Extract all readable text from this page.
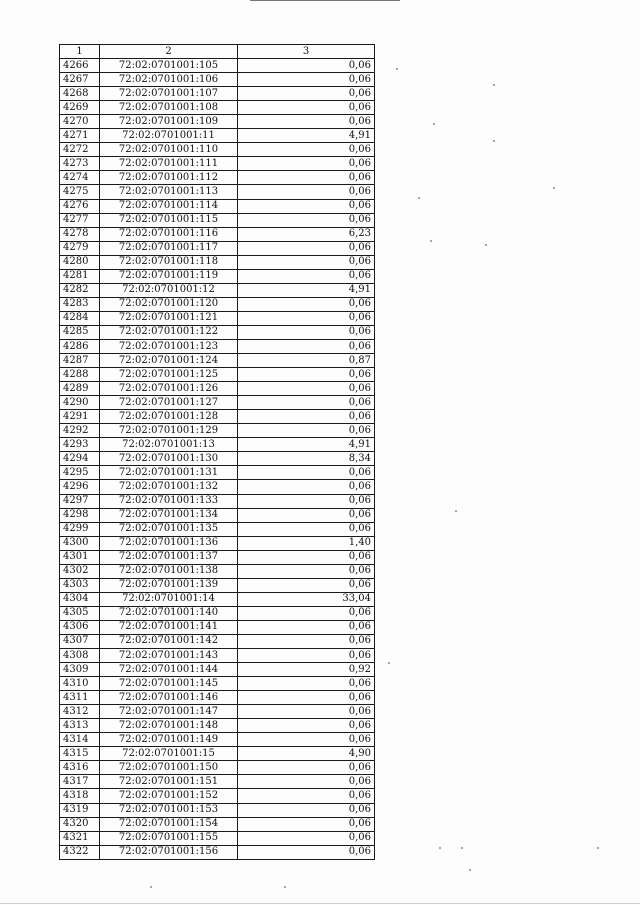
1	2	3
4266	72:02:0701001:105	0,06
4267	72:02:0701001:106	0,06
4268	72:02:0701001:107	0,06
4269	72:02:0701001:108	0,06
4270	72:02:0701001:109	0,06
4271	72:02:0701001:11	4,91
4272	72:02:0701001:110	0,06
4273	72:02:0701001:111	0,06
4274	72:02:0701001:112	0,06
4275	72:02:0701001:113	0,06
4276	72:02:0701001:114	0,06
4277	72:02:0701001:115	0,06
4278	72:02:0701001:116	6,23
4279	72:02:0701001:117	0,06
4280	72:02:0701001:118	0,06
4281	72:02:0701001:119	0,06
4282	72:02:0701001:12	4,91
4283	72:02:0701001:120	0,06
4284	72:02:0701001:121	0,06
4285	72:02:0701001:122	0,06
4286	72:02:0701001:123	0,06
4287	72:02:0701001:124	0,87
4288	72:02:0701001:125	0,06
4289	72:02:0701001:126	0,06
4290	72:02:0701001:127	0,06
4291	72:02:0701001:128	0,06
4292	72:02:0701001:129	0,06
4293	72:02:0701001:13	4,91
4294	72:02:0701001:130	8,34
4295	72:02:0701001:131	0,06
4296	72:02:0701001:132	0,06
4297	72:02:0701001:133	0,06
4298	72:02:0701001:134	0,06
4299	72:02:0701001:135	0,06
4300	72:02:0701001:136	1,40
4301	72:02:0701001:137	0,06
4302	72:02:0701001:138	0,06
4303	72:02:0701001:139	0,06
4304	72:02:0701001:14	33,04
4305	72:02:0701001:140	0,06
4306	72:02:0701001:141	0,06
4307	72:02:0701001:142	0,06
4308	72:02:0701001:143	0,06
4309	72:02:0701001:144	0,92
4310	72:02:0701001:145	0,06
4311	72:02:0701001:146	0,06
4312	72:02:0701001:147	0,06
4313	72:02:0701001:148	0,06
4314	72:02:0701001:149	0,06
4315	72:02:0701001:15	4,90
4316	72:02:0701001:150	0,06
4317	72:02:0701001:151	0,06
4318	72:02:0701001:152	0,06
4319	72:02:0701001:153	0,06
4320	72:02:0701001:154	0,06
4321	72:02:0701001:155	0,06
4322	72:02:0701001:156	0,06
